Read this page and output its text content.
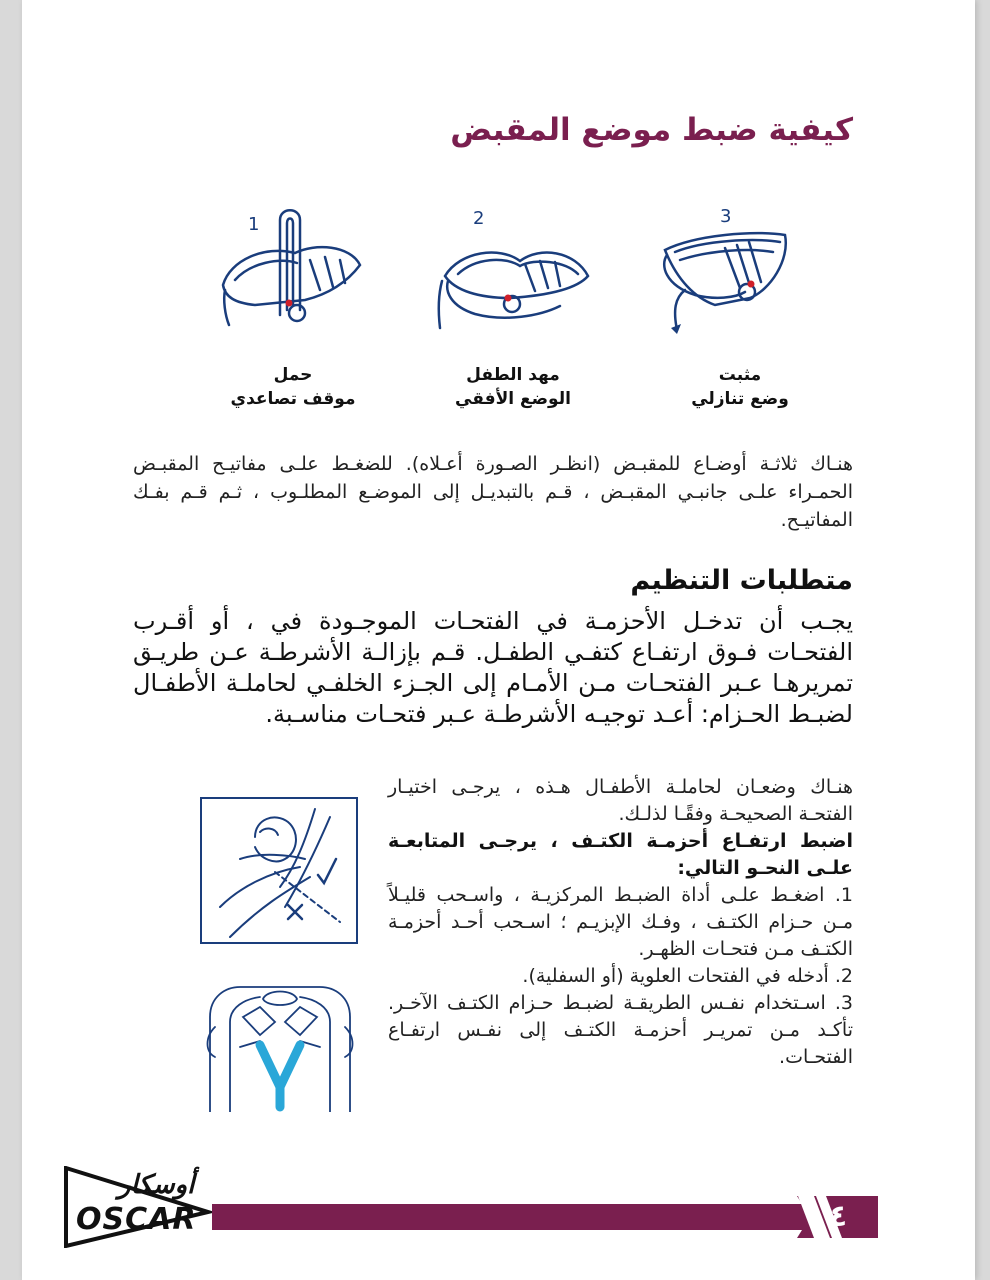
كيفية ضبط موضع المقبض
3
2
1
مثبت
وضع تنازلي
مهد الطفل
الوضع الأفقي
حمل
موقف تصاعدي

هنـاك ثلاثـة أوضـاع للمقبـض (انظـر الصـورة أعـلاه). للضغـط علـى مفاتيـح المقبـض الحمـراء علـى جانبـي المقبـض ، قـم بالتبديـل إلى الموضـع المطلـوب ، ثـم قـم بفـك المفاتيـح.

متطلبات التنظيم

يجـب أن تدخـل الأحزمـة في الفتحـات الموجـودة في ، أو أقـرب الفتحـات فـوق ارتفـاع كتفـي الطفـل. قـم بإزالـة الأشرطـة عـن طريـق تمريرهـا عـبر الفتحـات مـن الأمـام إلى الجـزء الخلفـي لحاملـة الأطفـال لضبـط الحـزام: أعـد توجيـه الأشرطـة عـبر فتحـات مناسـبة.

هنـاك وضعـان لحاملـة الأطفـال هـذه ، يرجـى اختيـار الفتحـة الصحيحـة وفقًـا لذلـك.

اضبط ارتفـاع أحزمـة الكتـف ، يرجـى المتابعـة علـى النحـو التالي:

1. اضغـط علـى أداة الضبـط المركزيـة ، واسـحب قليـلاً مـن حـزام الكتـف ، وفـك الإبزيـم ؛ اسـحب أحـد أحزمـة الكتـف مـن فتحـات الظهـر.

2. أدخله في الفتحات العلوية (أو السفلية).

3. اسـتخدام نفـس الطريقـة لضبـط حـزام الكتـف الآخـر. تأكـد مـن تمريـر أحزمـة الكتـف إلى نفـس ارتفـاع الفتحـات.

٤
أوسكار
OSCAR
